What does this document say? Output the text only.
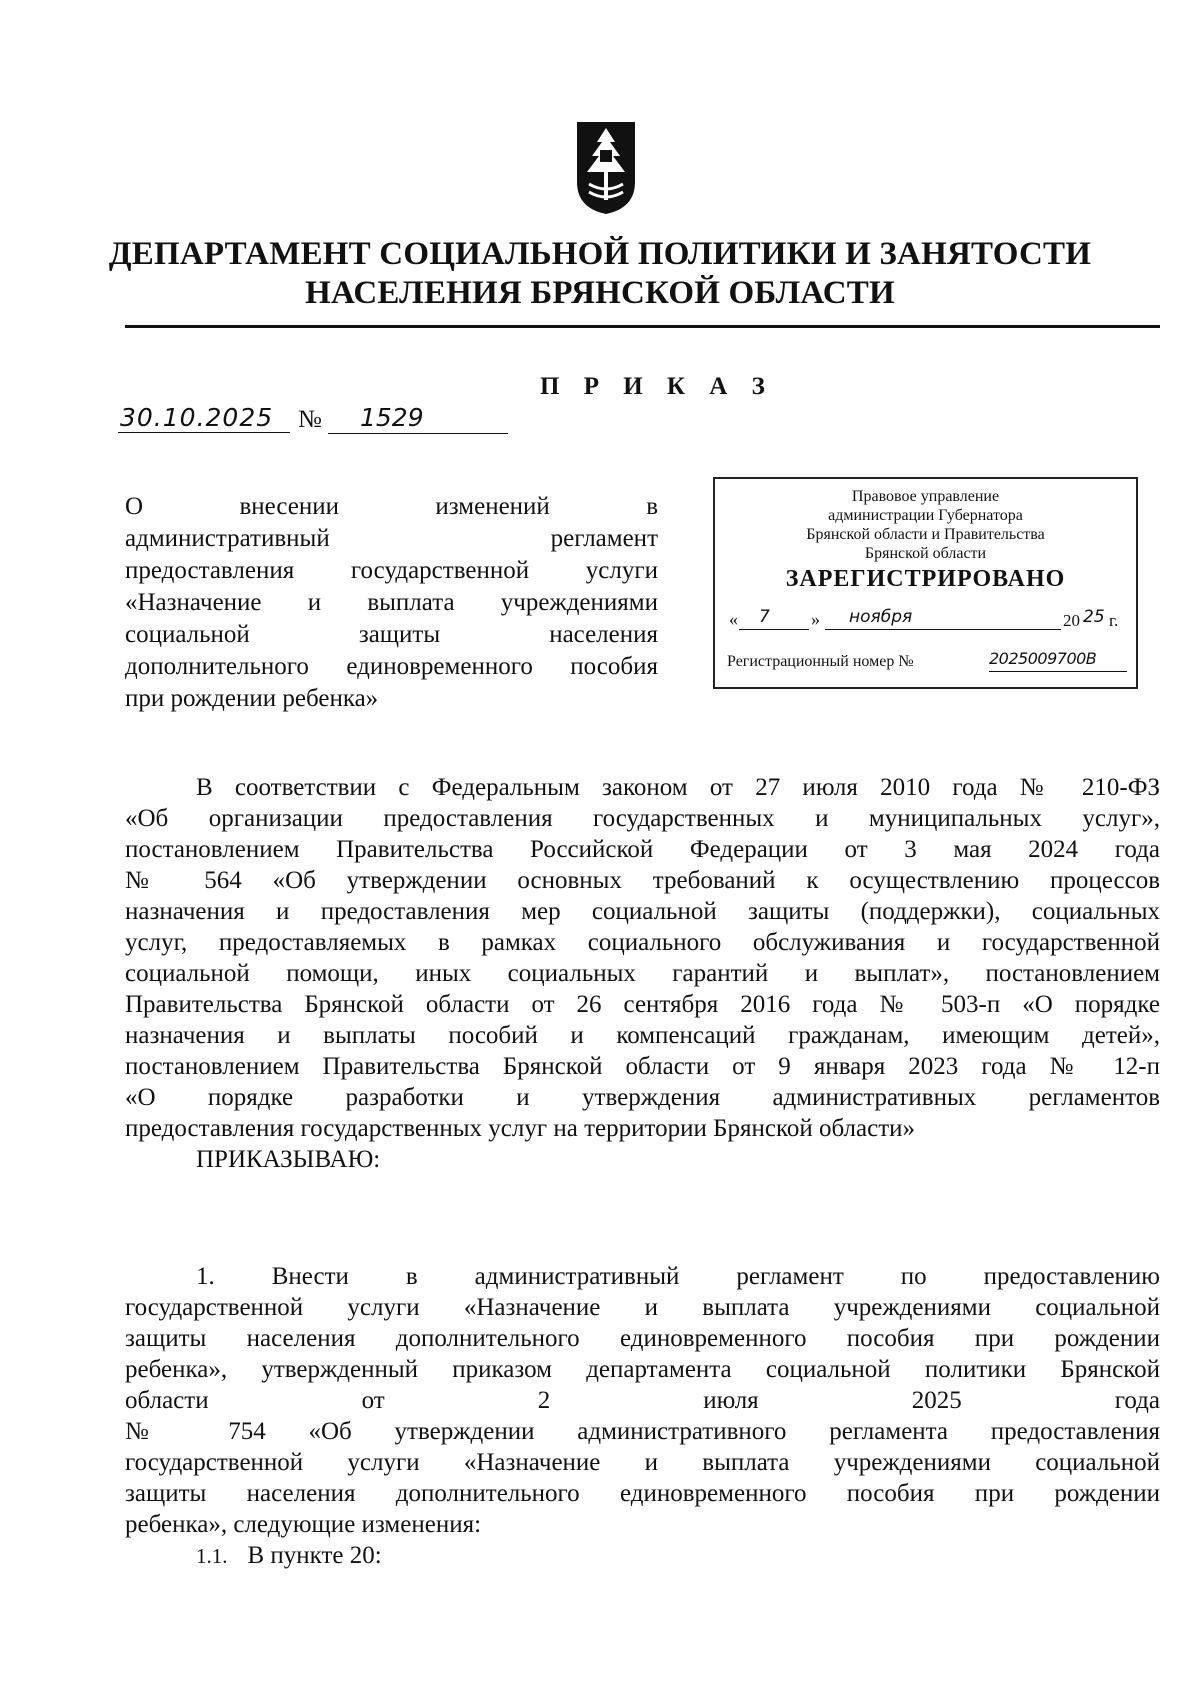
ДЕПАРТАМЕНТ СОЦИАЛЬНОЙ ПОЛИТИКИ И ЗАНЯТОСТИ
НАСЕЛЕНИЯ БРЯНСКОЙ ОБЛАСТИ
П Р И К А З
30.10.2025 № 1529
О внесении изменений в
административный регламент
предоставления государственной услуги
«Назначение и выплата учреждениями
социальной защиты населения
дополнительного единовременного пособия
при рождении ребенка»
Правовое управление
администрации Губернатора
Брянской области и Правительства
Брянской области
ЗАРЕГИСТРИРОВАНО
« 7 » ноября	20 25 г.
Регистрационный номер №	2025009700В
В соответствии с Федеральным законом от 27 июля 2010 года № 210-ФЗ
«Об организации предоставления государственных и муниципальных услуг»,
постановлением Правительства Российской Федерации от 3 мая 2024 года
№ 564 «Об утверждении основных требований к осуществлению процессов
назначения и предоставления мер социальной защиты (поддержки), социальных
услуг, предоставляемых в рамках социального обслуживания и государственной
социальной помощи, иных социальных гарантий и выплат», постановлением
Правительства Брянской области от 26 сентября 2016 года № 503-п «О порядке
назначения и выплаты пособий и компенсаций гражданам, имеющим детей»,
постановлением Правительства Брянской области от 9 января 2023 года № 12-п
«О порядке разработки и утверждения административных регламентов
предоставления государственных услуг на территории Брянской области»
ПРИКАЗЫВАЮ:
1. Внести в административный регламент по предоставлению
государственной услуги «Назначение и выплата учреждениями социальной
защиты населения дополнительного единовременного пособия при рождении
ребенка», утвержденный приказом департамента социальной политики Брянской
области от 2 июля 2025 года
№ 754 «Об утверждении административного регламента предоставления
государственной услуги «Назначение и выплата учреждениями социальной
защиты населения дополнительного единовременного пособия при рождении
ребенка», следующие изменения:
1.1. В пункте 20:
